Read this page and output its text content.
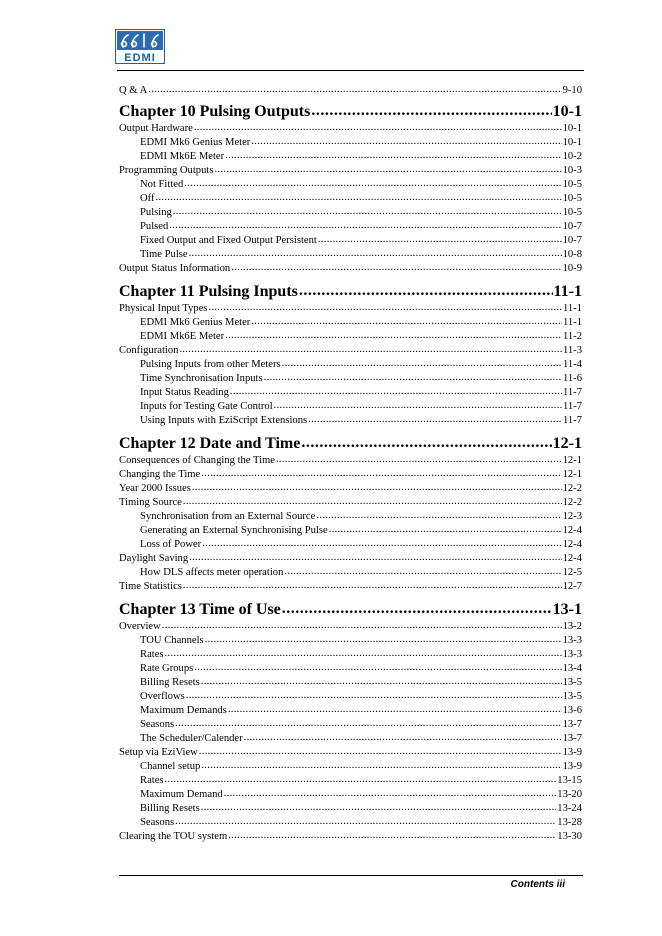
EDMI
Q & A .....	9-10
Chapter 10 Pulsing Outputs .....	10-1
Output Hardware .....	10-1
EDMI Mk6 Genius Meter .....	10-1
EDMI Mk6E Meter .....	10-2
Programming Outputs .....	10-3
Not Fitted .....	10-5
Off .....	10-5
Pulsing .....	10-5
Pulsed .....	10-7
Fixed Output and Fixed Output Persistent .....	10-7
Time Pulse .....	10-8
Output Status Information .....	10-9
Chapter 11 Pulsing Inputs .....	11-1
Physical Input Types .....	11-1
EDMI Mk6 Genius Meter .....	11-1
EDMI Mk6E Meter .....	11-2
Configuration .....	11-3
Pulsing Inputs from other Meters .....	11-4
Time Synchronisation Inputs .....	11-6
Input Status Reading .....	11-7
Inputs for Testing Gate Control .....	11-7
Using Inputs with EziScript Extensions .....	11-7
Chapter 12 Date and Time .....	12-1
Consequences of Changing the Time .....	12-1
Changing the Time .....	12-1
Year 2000 Issues .....	12-2
Timing Source .....	12-2
Synchronisation from an External Source .....	12-3
Generating an External Synchronising Pulse .....	12-4
Loss of Power .....	12-4
Daylight Saving .....	12-4
How DLS affects meter operation .....	12-5
Time Statistics .....	12-7
Chapter 13 Time of Use .....	13-1
Overview .....	13-2
TOU Channels .....	13-3
Rates .....	13-3
Rate Groups .....	13-4
Billing Resets .....	13-5
Overflows .....	13-5
Maximum Demands .....	13-6
Seasons .....	13-7
The Scheduler/Calender .....	13-7
Setup via EziView .....	13-9
Channel setup .....	13-9
Rates .....	13-15
Maximum Demand .....	13-20
Billing Resets .....	13-24
Seasons .....	13-28
Clearing the TOU system .....	13-30
Contents iii
